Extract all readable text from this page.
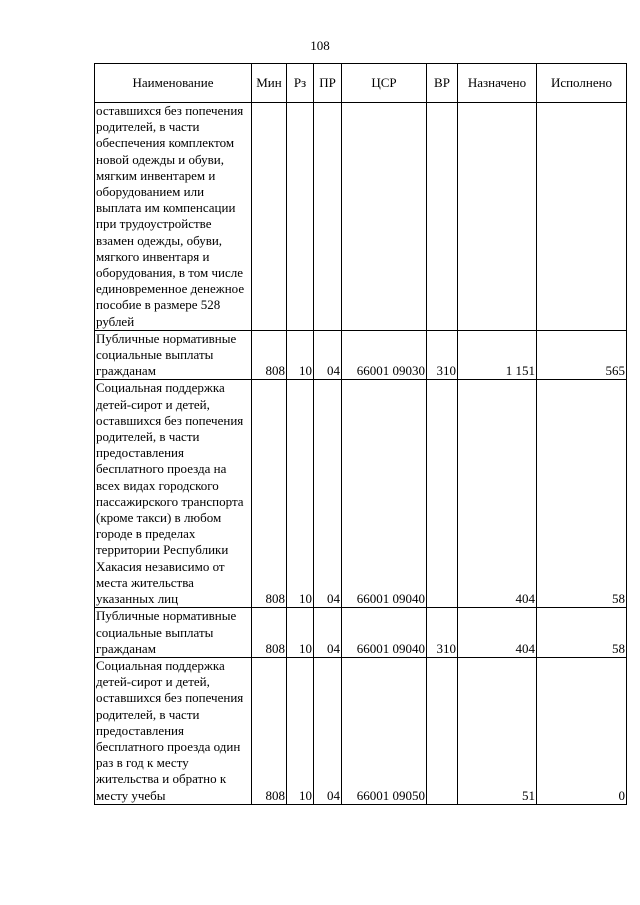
108
Наименование	Мин	Рз	ПР	ЦСР	ВР	Назначено	Исполнено
оставшихся без попечения родителей, в части обеспечения комплектом новой одежды и обуви, мягким инвентарем и оборудованием или выплата им компенсации при трудоустройстве взамен одежды, обуви, мягкого инвентаря и оборудования, в том числе единовременное денежное пособие в размере 528 рублей							
Публичные нормативные социальные выплаты гражданам	808	10	04	66001 09030	310	1 151	565
Социальная поддержка детей-сирот и детей, оставшихся без попечения родителей, в части предоставления бесплатного проезда на всех видах городского пассажирского транспорта (кроме такси) в любом городе в пределах территории Республики Хакасия независимо от места жительства указанных лиц	808	10	04	66001 09040		404	58
Публичные нормативные социальные выплаты гражданам	808	10	04	66001 09040	310	404	58
Социальная поддержка детей-сирот и детей, оставшихся без попечения родителей, в части предоставления бесплатного проезда один раз в год к месту жительства и обратно к месту учебы	808	10	04	66001 09050		51	0
